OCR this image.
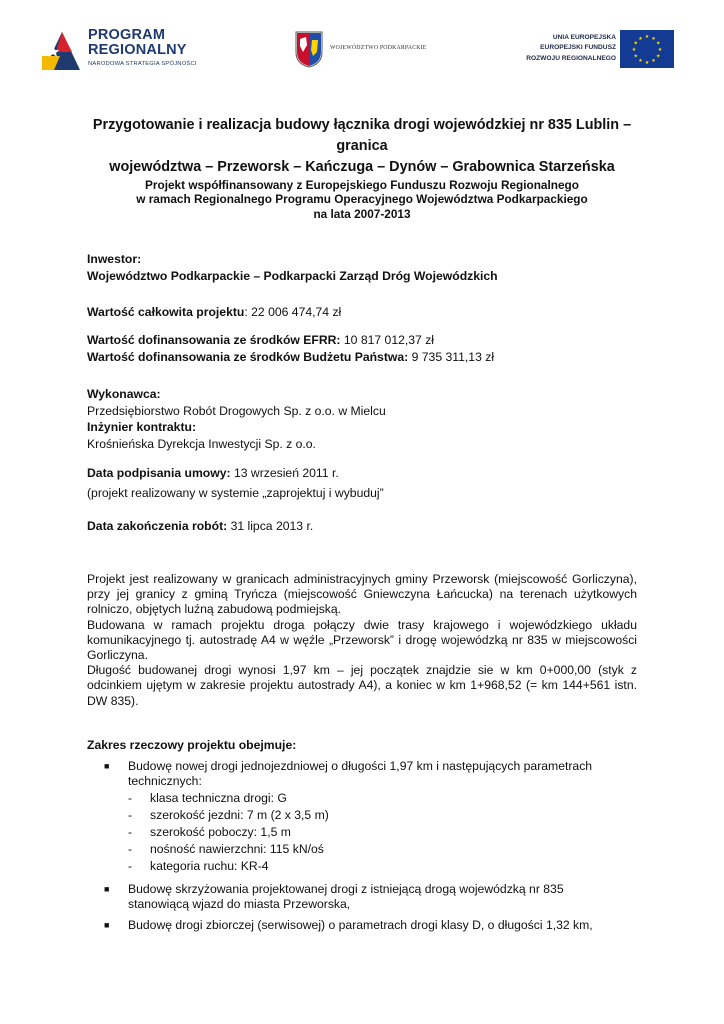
PROGRAM
REGIONALNY
NARODOWA STRATEGIA SPÓJNOŚCI
WOJEWÓDZTWO PODKARPACKIE
UNIA EUROPEJSKA
EUROPEJSKI FUNDUSZ
ROZWOJU REGIONALNEGO
★ ★
★
★
★
★
★
★
★
★
★
★
Przygotowanie i realizacja budowy łącznika drogi wojewódzkiej nr 835 Lublin – granica
województwa – Przeworsk – Kańczuga – Dynów – Grabownica Starzeńska
Projekt współfinansowany z Europejskiego Funduszu Rozwoju Regionalnego
w ramach Regionalnego Programu Operacyjnego Województwa Podkarpackiego
na lata 2007-2013
Inwestor:
Województwo Podkarpackie – Podkarpacki Zarząd Dróg Wojewódzkich
Wartość całkowita projektu: 22 006 474,74 zł
Wartość dofinansowania ze środków EFRR: 10 817 012,37 zł
Wartość dofinansowania ze środków Budżetu Państwa: 9 735 311,13 zł
Wykonawca:
Przedsiębiorstwo Robót Drogowych Sp. z o.o. w Mielcu
Inżynier kontraktu:
Krośnieńska Dyrekcja Inwestycji Sp. z o.o.
Data podpisania umowy: 13 wrzesień 2011 r.
(projekt realizowany w systemie „zaprojektuj i wybuduj”
Data zakończenia robót: 31 lipca 2013 r.

Projekt jest realizowany w granicach administracyjnych gminy Przeworsk (miejscowość Gorliczyna), przy jej granicy z gminą Tryńcza (miejscowość Gniewczyna Łańcucka) na terenach użytkowych rolniczo, objętych luźną zabudową podmiejską.

Budowana w ramach projektu droga połączy dwie trasy krajowego i wojewódzkiego układu komunikacyjnego tj. autostradę A4 w węźle „Przeworsk” i drogę wojewódzką nr 835 w miejscowości Gorliczyna.

Długość budowanej drogi wynosi 1,97 km – jej początek znajdzie sie w km 0+000,00 (styk z odcinkiem ujętym w zakresie projektu autostrady A4), a koniec w km 1+968,52 (= km 144+561 istn. DW 835).

Zakres rzeczowy projektu obejmuje:
■ Budowę nowej drogi jednojezdniowej o długości 1,97 km i następujących parametrach technicznych:
- klasa techniczna drogi: G
- szerokość jezdni: 7 m (2 x 3,5 m)
- szerokość poboczy: 1,5 m
- nośność nawierzchni: 115 kN/oś
- kategoria ruchu: KR-4
■ Budowę skrzyżowania projektowanej drogi z istniejącą drogą wojewódzką nr 835 stanowiącą wjazd do miasta Przeworska,
■ Budowę drogi zbiorczej (serwisowej) o parametrach drogi klasy D, o długości 1,32 km,
